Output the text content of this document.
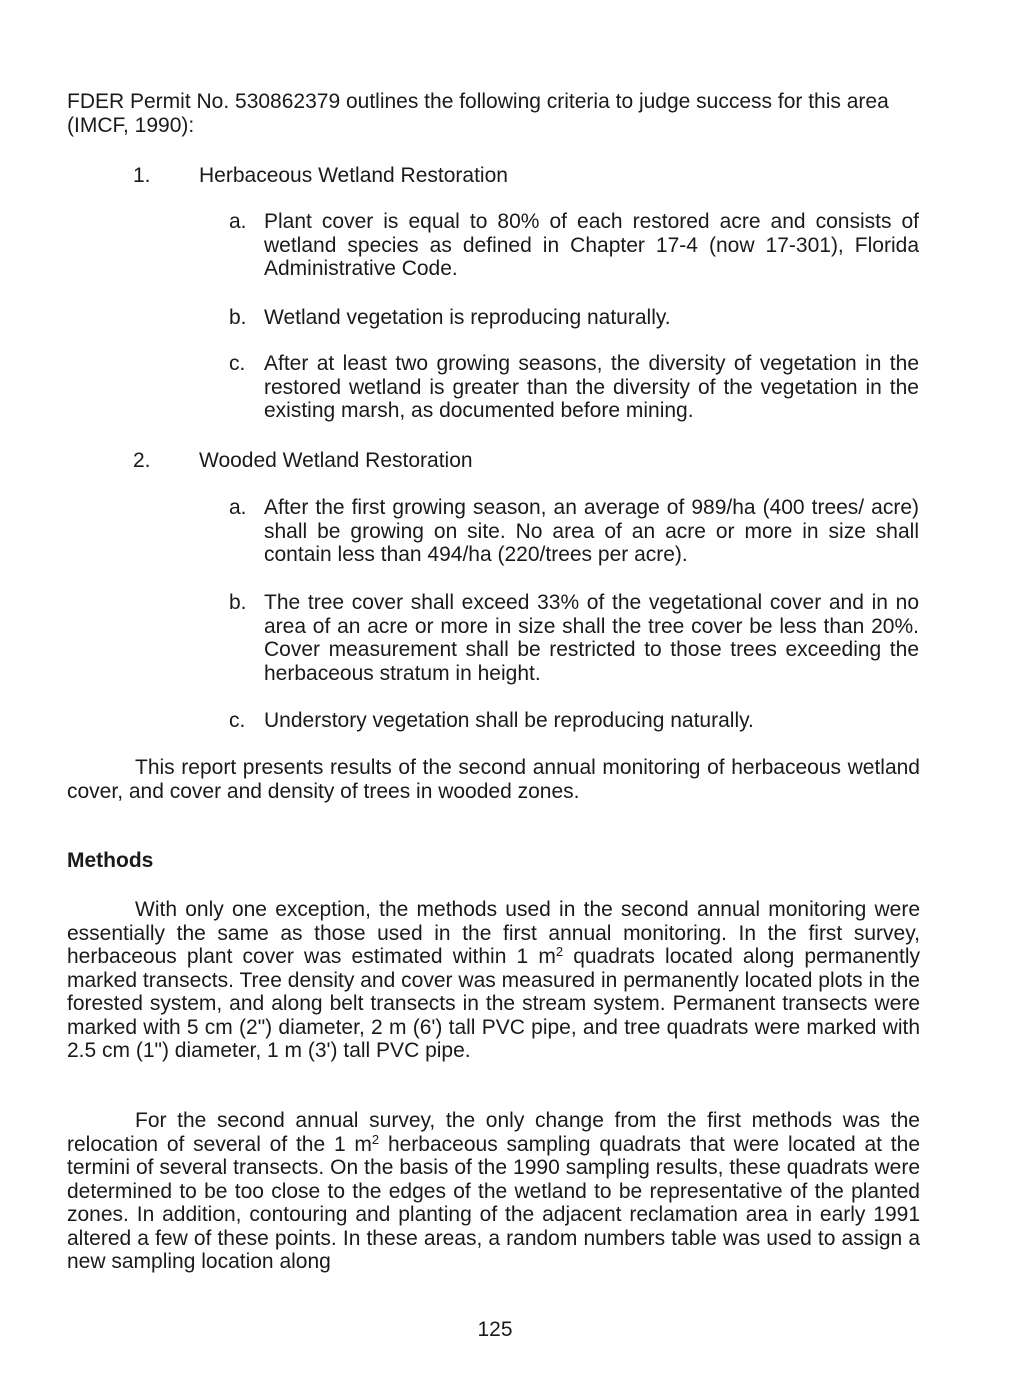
FDER Permit No. 530862379 outlines the following criteria to judge success for this area (IMCF, 1990):

1. Herbaceous Wetland Restoration
a. Plant cover is equal to 80% of each restored acre and consists of wetland species as defined in Chapter 17-4 (now 17-301), Florida Administrative Code.

b. Wetland vegetation is reproducing naturally.

c. After at least two growing seasons, the diversity of vegetation in the restored wetland is greater than the diversity of the vegetation in the existing marsh, as documented before mining.

2. Wooded Wetland Restoration
a. After the first growing season, an average of 989/ha (400 trees/ acre) shall be growing on site. No area of an acre or more in size shall contain less than 494/ha (220/trees per acre).

b. The tree cover shall exceed 33% of the vegetational cover and in no area of an acre or more in size shall the tree cover be less than 20%. Cover measurement shall be restricted to those trees exceeding the herbaceous stratum in height.

c. Understory vegetation shall be reproducing naturally.

This report presents results of the second annual monitoring of herbaceous wetland cover, and cover and density of trees in wooded zones.

Methods

With only one exception, the methods used in the second annual monitoring were essentially the same as those used in the first annual monitoring. In the first survey, herbaceous plant cover was estimated within 1 $m^2$ quadrats located along permanently marked transects. Tree density and cover was measured in permanently located plots in the forested system, and along belt transects in the stream system. Permanent transects were marked with 5 cm (2") diameter, 2 m (6') tall PVC pipe, and tree quadrats were marked with 2.5 cm (1") diameter, 1 m (3') tall PVC pipe.

For the second annual survey, the only change from the first methods was the relocation of several of the 1 $m^2$ herbaceous sampling quadrats that were located at the termini of several transects. On the basis of the 1990 sampling results, these quadrats were determined to be too close to the edges of the wetland to be representative of the planted zones. In addition, contouring and planting of the adjacent reclamation area in early 1991 altered a few of these points. In these areas, a random numbers table was used to assign a new sampling location along

125
